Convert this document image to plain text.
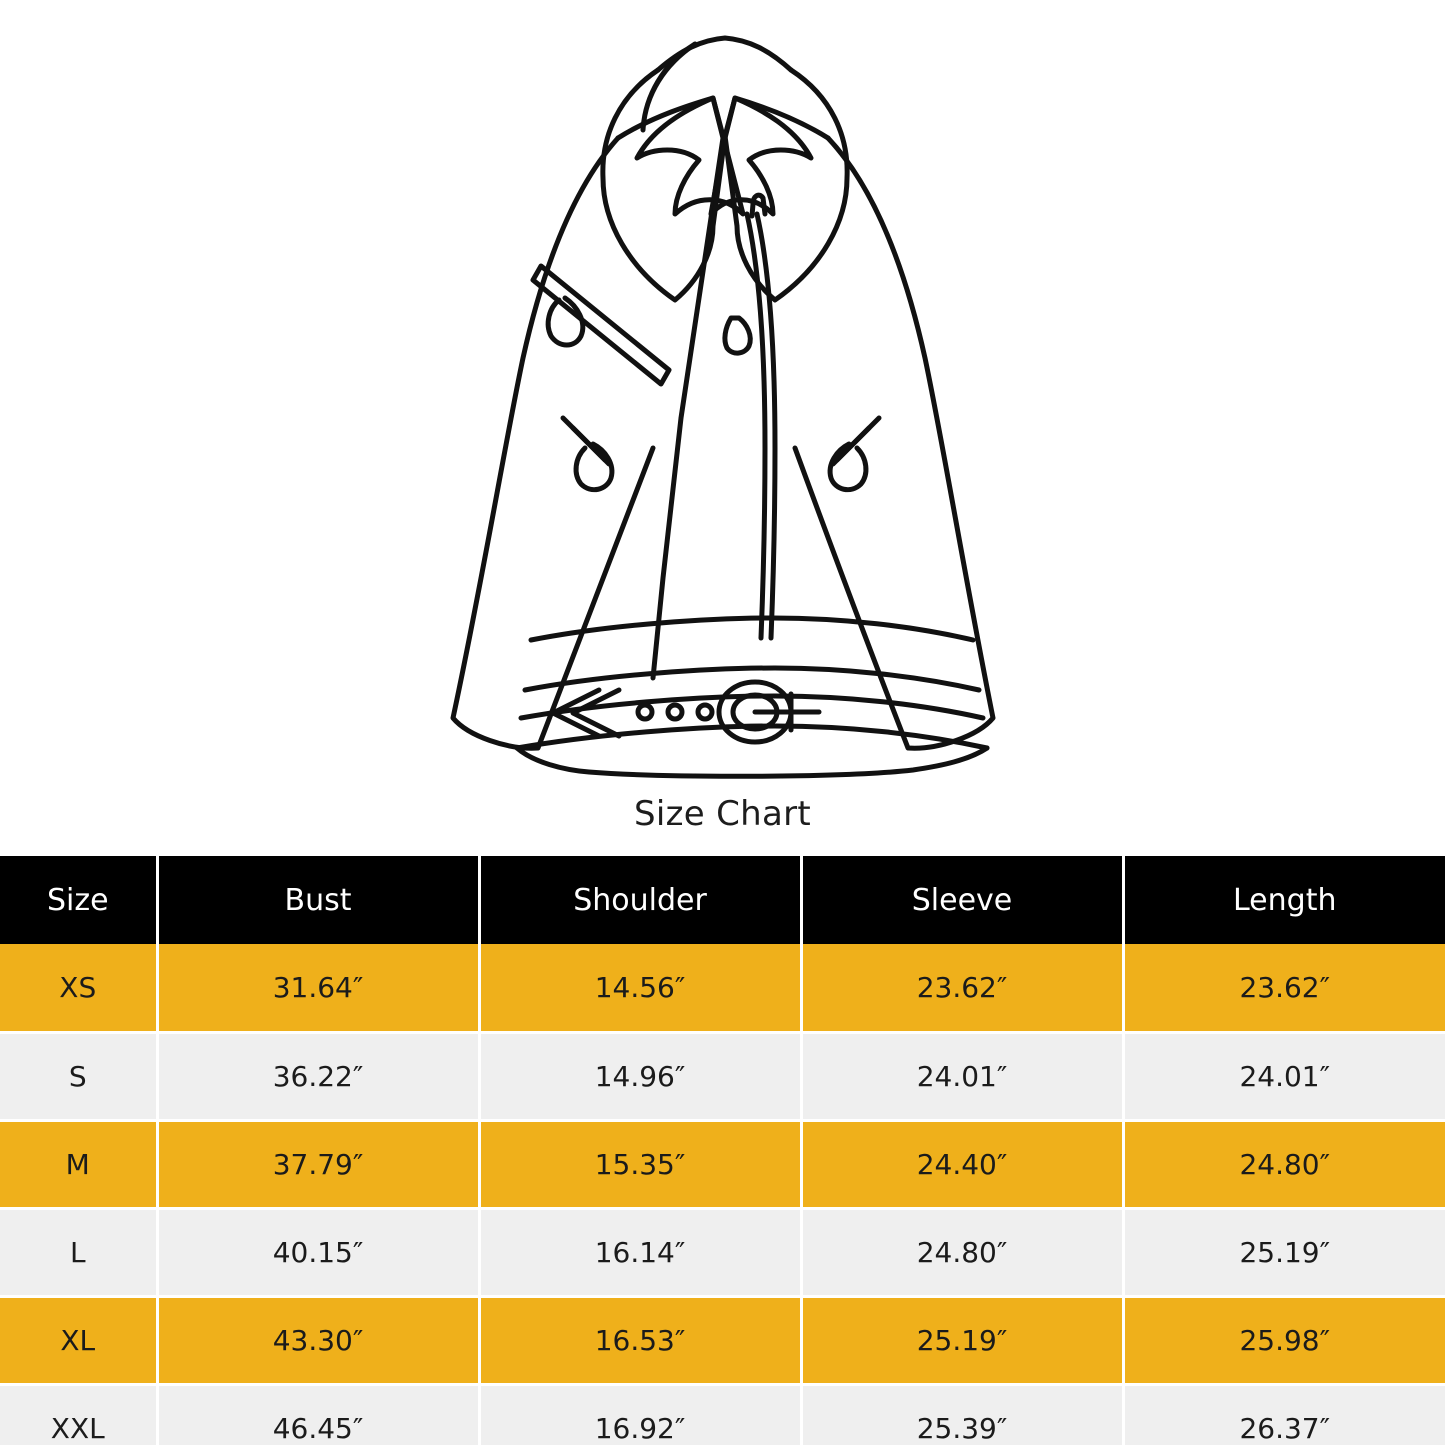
Size Chart
Size	Bust	Shoulder	Sleeve	Length
XS	31.64″	14.56″	23.62″	23.62″
S	36.22″	14.96″	24.01″	24.01″
M	37.79″	15.35″	24.40″	24.80″
L	40.15″	16.14″	24.80″	25.19″
XL	43.30″	16.53″	25.19″	25.98″
XXL	46.45″	16.92″	25.39″	26.37″
